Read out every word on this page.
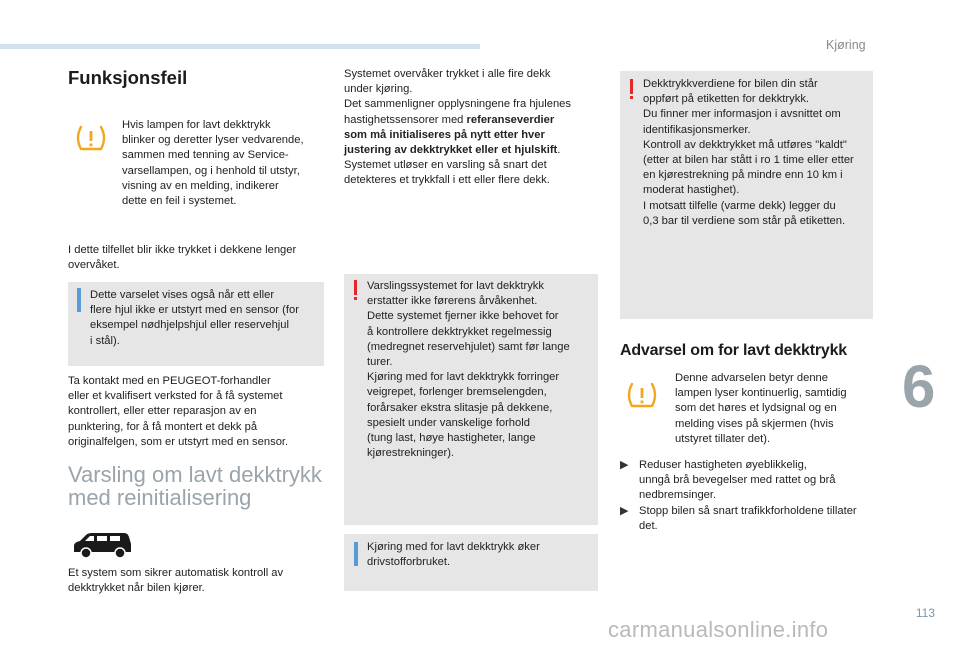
Kjøring
6
113
Funksjonsfeil
Hvis lampen for lavt dekktrykk
blinker og deretter lyser vedvarende,
sammen med tenning av Service-
varsellampen, og i henhold til utstyr,
visning av en melding, indikerer
dette en feil i systemet.
I dette tilfellet blir ikke trykket i dekkene lenger
overvåket.
Dette varselet vises også når ett eller
flere hjul ikke er utstyrt med en sensor (for
eksempel nødhjelpshjul eller reservehjul
i stål).
Ta kontakt med en PEUGEOT-forhandler
eller et kvalifisert verksted for å få systemet
kontrollert, eller etter reparasjon av en
punktering, for å få montert et dekk på
originalfelgen, som er utstyrt med en sensor.
Varsling om lavt dekktrykk
med reinitialisering
Et system som sikrer automatisk kontroll av
dekktrykket når bilen kjører.
Systemet overvåker trykket i alle fire dekk
under kjøring.
Det sammenligner opplysningene fra hjulenes
hastighetssensorer med referanseverdier
som må initialiseres på nytt etter hver
justering av dekktrykket eller et hjulskift.
Systemet utløser en varsling så snart det
detekteres et trykkfall i ett eller flere dekk.
Varslingssystemet for lavt dekktrykk
erstatter ikke førerens årvåkenhet.
Dette systemet fjerner ikke behovet for
å kontrollere dekktrykket regelmessig
(medregnet reservehjulet) samt før lange
turer.
Kjøring med for lavt dekktrykk forringer
veigrepet, forlenger bremselengden,
forårsaker ekstra slitasje på dekkene,
spesielt under vanskelige forhold
(tung last, høye hastigheter, lange
kjørestrekninger).
Kjøring med for lavt dekktrykk øker
drivstofforbruket.
Dekktrykkverdiene for bilen din står
oppført på etiketten for dekktrykk.
Du finner mer informasjon i avsnittet om
identifikasjonsmerker.
Kontroll av dekktrykket må utføres "kaldt"
(etter at bilen har stått i ro 1 time eller etter
en kjørestrekning på mindre enn 10 km i
moderat hastighet).
I motsatt tilfelle (varme dekk) legger du
0,3 bar til verdiene som står på etiketten.
Advarsel om for lavt dekktrykk
Denne advarselen betyr denne
lampen lyser kontinuerlig, samtidig
som det høres et lydsignal og en
melding vises på skjermen (hvis
utstyret tillater det).
▶ Reduser hastigheten øyeblikkelig,
unngå brå bevegelser med rattet og brå
nedbremsinger.
▶ Stopp bilen så snart trafikkforholdene tillater
det.
carmanualsonline.info
